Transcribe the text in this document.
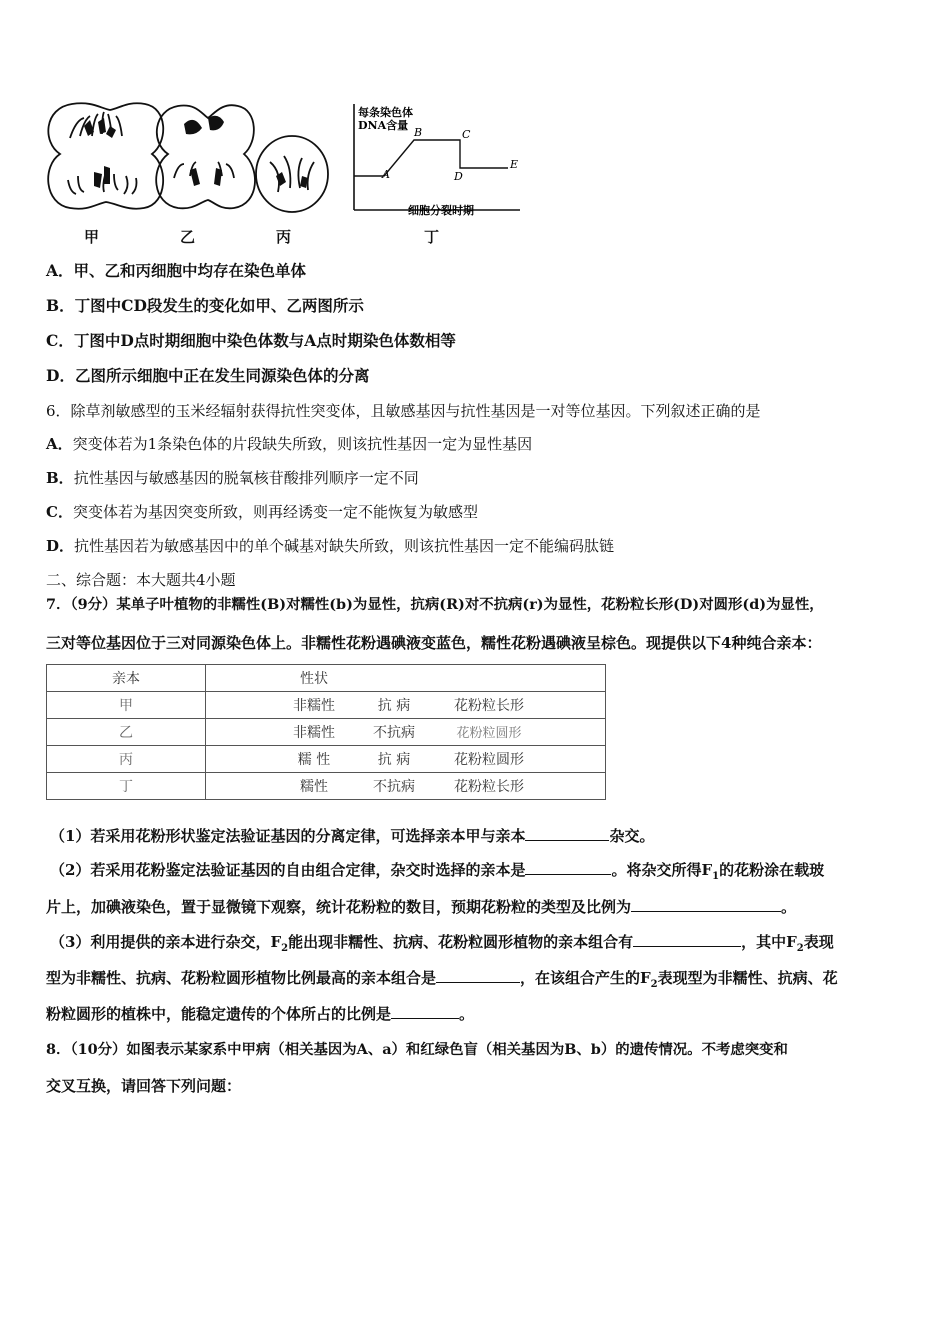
每条染色体
DNA含量
A
B	C
D
E
细胞分裂时期
甲	乙	丙	丁
A．甲、乙和丙细胞中均存在染色单体
B．丁图中CD段发生的变化如甲、乙两图所示
C．丁图中D点时期细胞中染色体数与A点时期染色体数相等
D．乙图所示细胞中正在发生同源染色体的分离
6．除草剂敏感型的玉米经辐射获得抗性突变体，且敏感基因与抗性基因是一对等位基因。下列叙述正确的是
A．突变体若为1条染色体的片段缺失所致，则该抗性基因一定为显性基因
B．抗性基因与敏感基因的脱氧核苷酸排列顺序一定不同
C．突变体若为基因突变所致，则再经诱变一定不能恢复为敏感型
D．抗性基因若为敏感基因中的单个碱基对缺失所致，则该抗性基因一定不能编码肽链
二、综合题：本大题共4小题
7．（9分）某单子叶植物的非糯性(B)对糯性(b)为显性，抗病(R)对不抗病(r)为显性，花粉粒长形(D)对圆形(d)为显性，
三对等位基因位于三对同源染色体上。非糯性花粉遇碘液变蓝色，糯性花粉遇碘液呈棕色。现提供以下4种纯合亲本：
亲本	性状
甲	非糯性 抗 病 花粉粒长形
乙	非糯性 不抗病 花粉粒圆形
丙	糯 性 抗 病 花粉粒圆形
丁	糯性 不抗病 花粉粒长形
（1）若采用花粉形状鉴定法验证基因的分离定律，可选择亲本甲与亲本	杂交。
（2）若采用花粉鉴定法验证基因的自由组合定律，杂交时选择的亲本是	。将杂交所得$F_1$的花粉涂在载玻
片上，加碘液染色，置于显微镜下观察，统计花粉粒的数目，预期花粉粒的类型及比例为	。
（3）利用提供的亲本进行杂交，$F_2$能出现非糯性、抗病、花粉粒圆形植物的亲本组合有	，其中$F_2$表现
型为非糯性、抗病、花粉粒圆形植物比例最高的亲本组合是	，在该组合产生的$F_2$表现型为非糯性、抗病、花
粉粒圆形的植株中，能稳定遗传的个体所占的比例是	。
8．（10分）如图表示某家系中甲病（相关基因为A、a）和红绿色盲（相关基因为B、b）的遗传情况。不考虑突变和
交叉互换，请回答下列问题：
